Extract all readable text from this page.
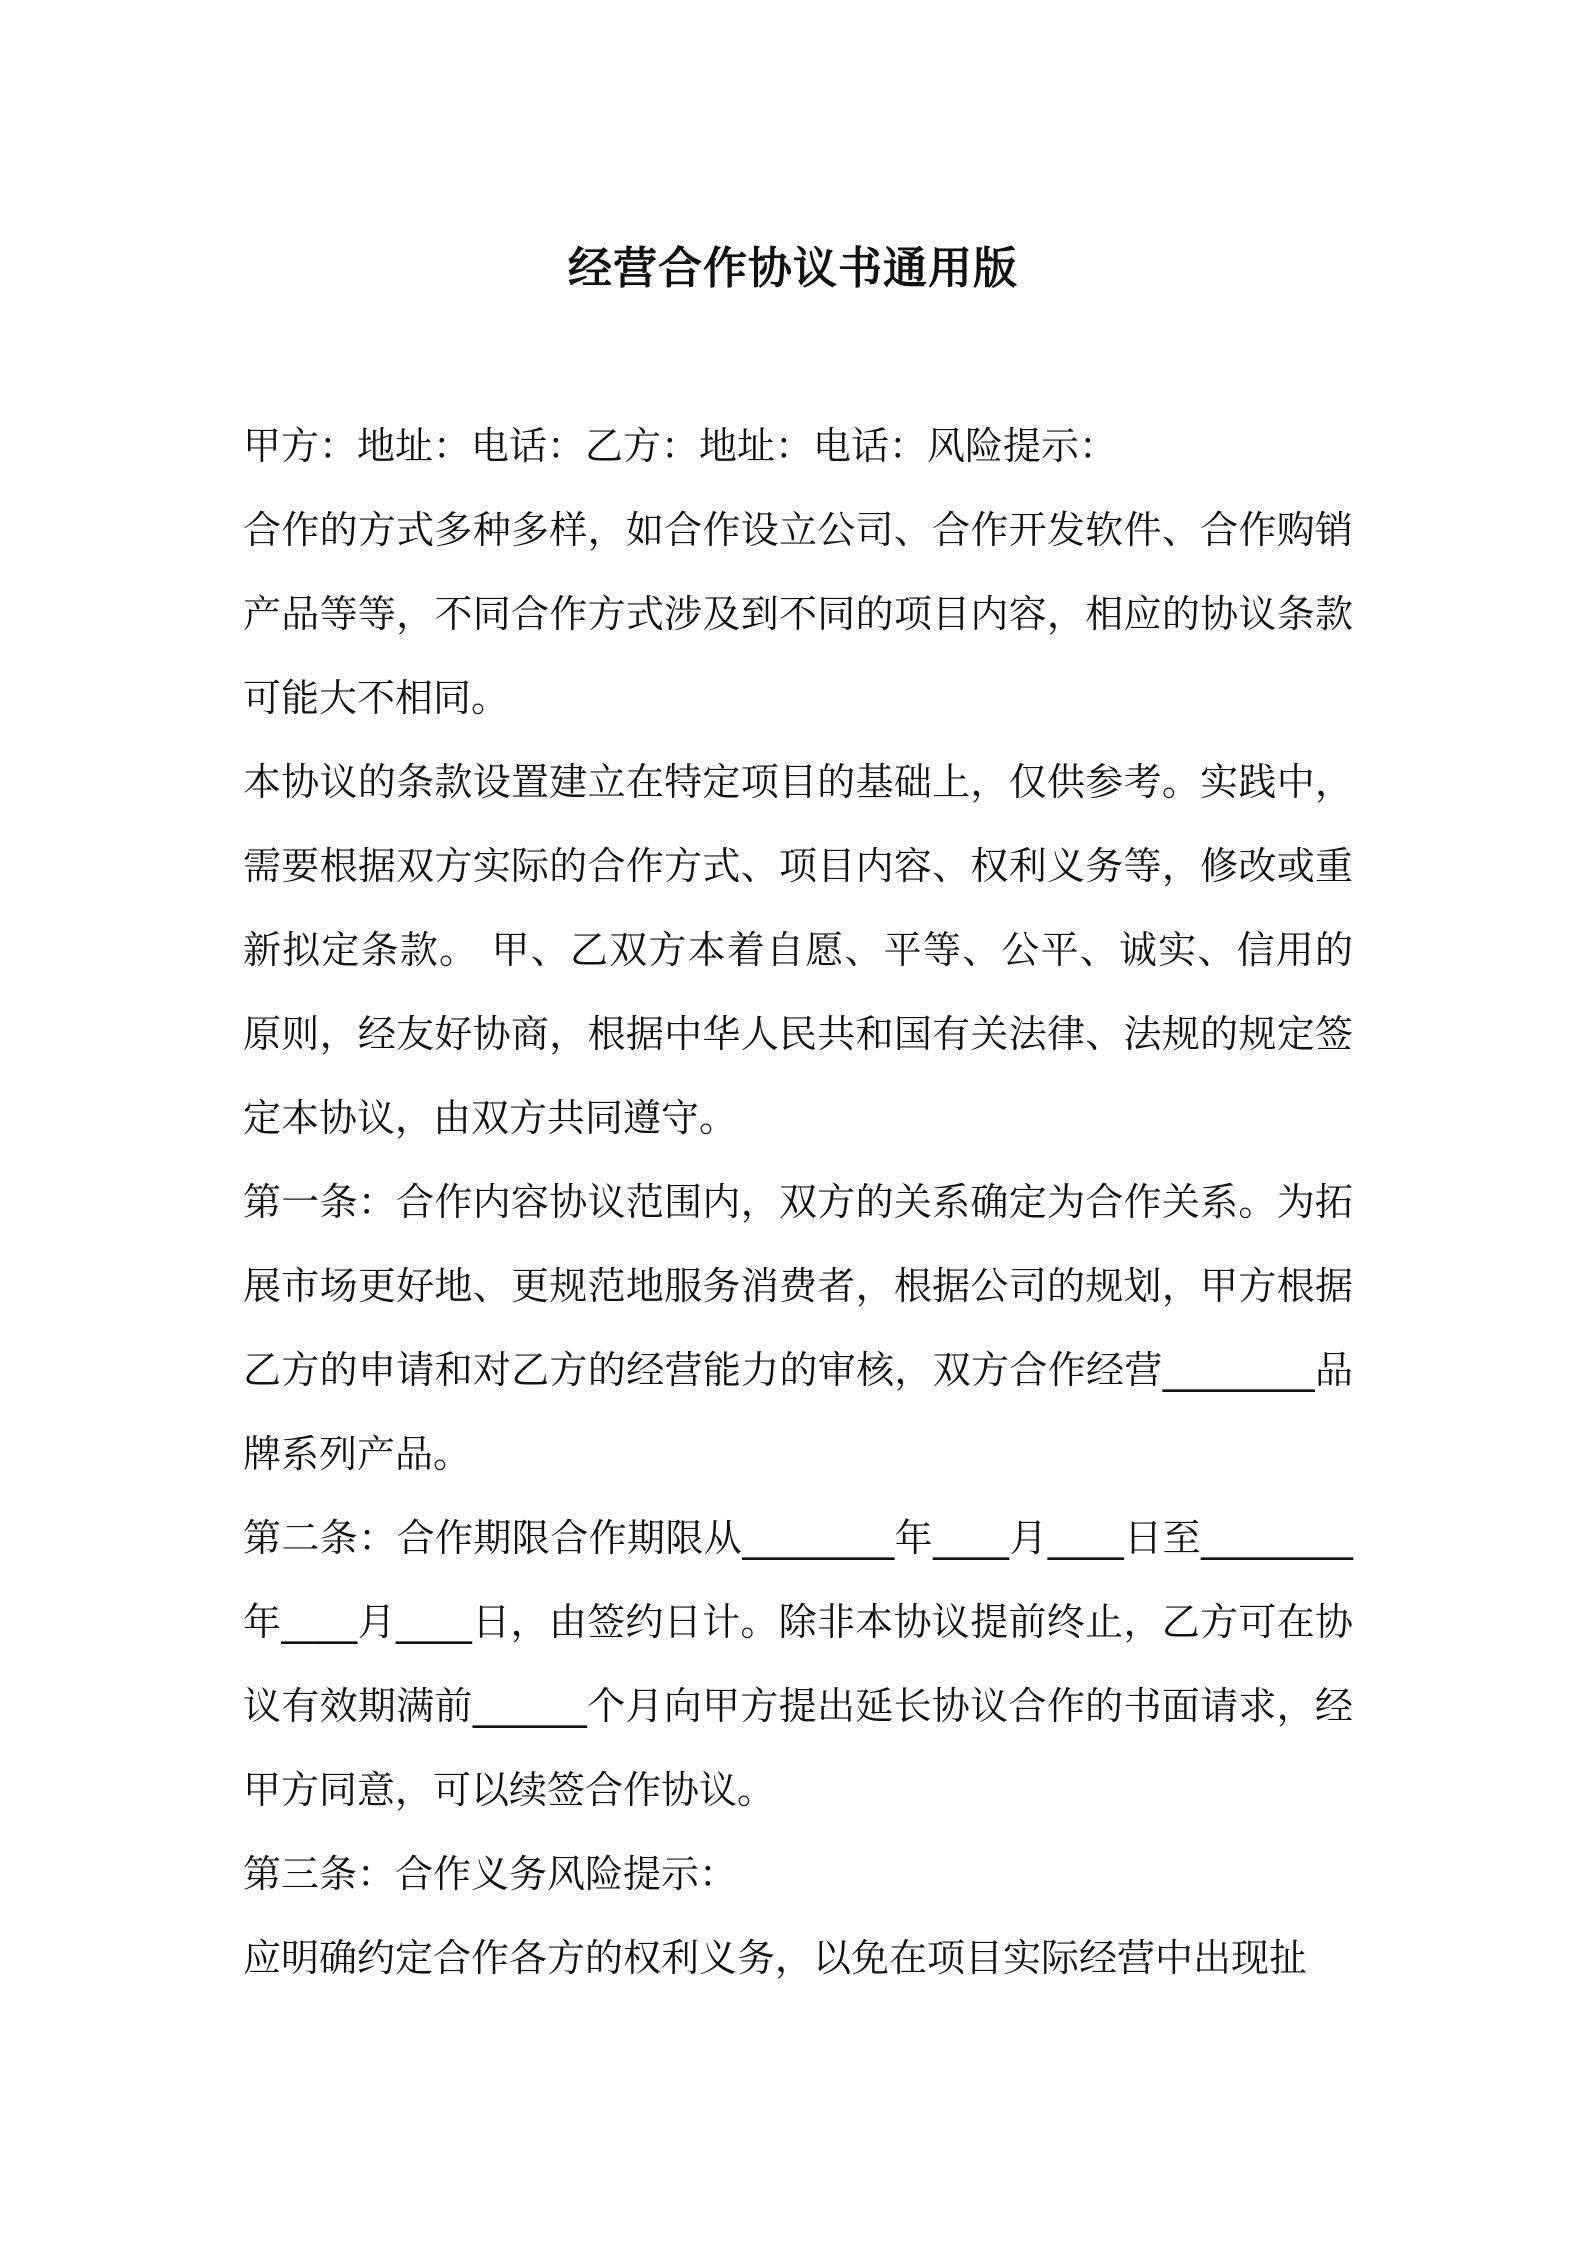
经营合作协议书通用版

甲方：地址：电话：乙方：地址：电话：风险提示：

合作的方式多种多样，如合作设立公司、合作开发软件、合作购销产品等等，不同合作方式涉及到不同的项目内容，相应的协议条款可能大不相同。

本协议的条款设置建立在特定项目的基础上，仅供参考。实践中，需要根据双方实际的合作方式、项目内容、权利义务等，修改或重新拟定条款。 甲、乙双方本着自愿、平等、公平、诚实、信用的原则，经友好协商，根据中华人民共和国有关法律、法规的规定签定本协议，由双方共同遵守。

第一条：合作内容协议范围内，双方的关系确定为合作关系。为拓展市场更好地、更规范地服务消费者，根据公司的规划，甲方根据乙方的申请和对乙方的经营能力的审核，双方合作经营________品牌系列产品。

第二条：合作期限合作期限从________年____月____日至________年____月____日，由签约日计。除非本协议提前终止，乙方可在协议有效期满前______个月向甲方提出延长协议合作的书面请求，经甲方同意，可以续签合作协议。

第三条：合作义务风险提示：

应明确约定合作各方的权利义务，以免在项目实际经营中出现扯
